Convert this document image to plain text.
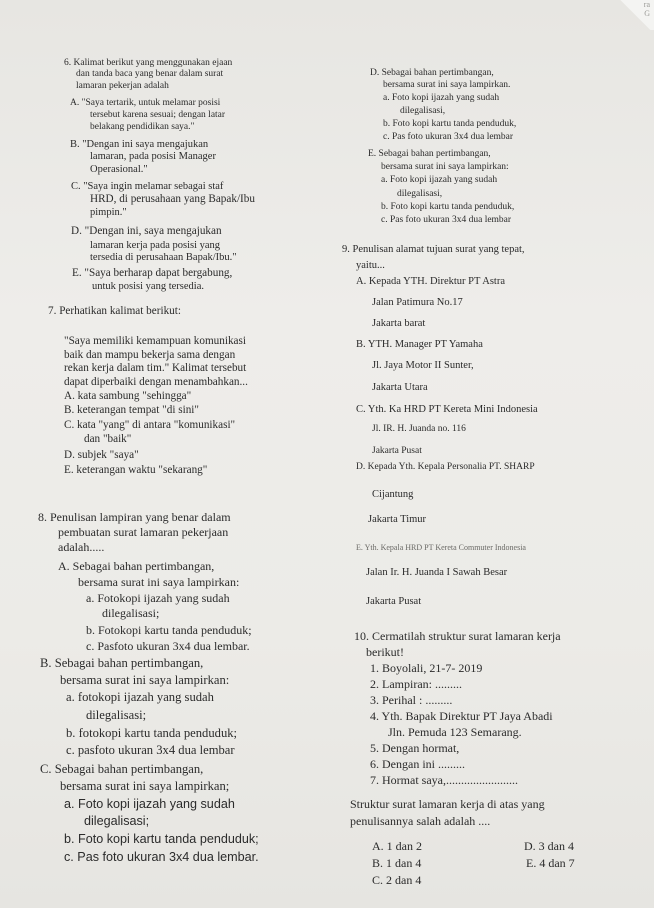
ra
G
6. Kalimat berikut yang menggunakan ejaan
dan tanda baca yang benar dalam surat
lamaran pekerjan adalah
A. "Saya tertarik, untuk melamar posisi
tersebut karena sesuai; dengan latar
belakang pendidikan saya."
B. "Dengan ini saya mengajukan
lamaran, pada posisi Manager
Operasional."
C. "Saya ingin melamar sebagai staf
HRD, di perusahaan yang Bapak/Ibu
pimpin."
D. "Dengan ini, saya mengajukan
lamaran kerja pada posisi yang
tersedia di perusahaan Bapak/Ibu."
E. "Saya berharap dapat bergabung,
untuk posisi yang tersedia.
7. Perhatikan kalimat berikut:
"Saya memiliki kemampuan komunikasi
baik dan mampu bekerja sama dengan
rekan kerja dalam tim." Kalimat tersebut
dapat diperbaiki dengan menambahkan...
A. kata sambung "sehingga"
B. keterangan tempat "di sini"
C. kata "yang" di antara "komunikasi"
dan "baik"
D. subjek "saya"
E. keterangan waktu "sekarang"
8. Penulisan lampiran yang benar dalam
pembuatan surat lamaran pekerjaan
adalah.....
A. Sebagai bahan pertimbangan,
bersama surat ini saya lampirkan:
a. Fotokopi ijazah yang sudah
dilegalisasi;
b. Fotokopi kartu tanda penduduk;
c. Pasfoto ukuran 3x4 dua lembar.
B. Sebagai bahan pertimbangan,
bersama surat ini saya lampirkan:
a. fotokopi ijazah yang sudah
dilegalisasi;
b. fotokopi kartu tanda penduduk;
c. pasfoto ukuran 3x4 dua lembar
C. Sebagai bahan pertimbangan,
bersama surat ini saya lampirkan;
a. Foto kopi ijazah yang sudah
dilegalisasi;
b. Foto kopi kartu tanda penduduk;
c. Pas foto ukuran 3x4 dua lembar.
D. Sebagai bahan pertimbangan,
bersama surat ini saya lampirkan.
a. Foto kopi ijazah yang sudah
dilegalisasi,
b. Foto kopi kartu tanda penduduk,
c. Pas foto ukuran 3x4 dua lembar
E. Sebagai bahan pertimbangan,
bersama surat ini saya lampirkan:
a. Foto kopi ijazah yang sudah
dilegalisasi,
b. Foto kopi kartu tanda penduduk,
c. Pas foto ukuran 3x4 dua lembar
9. Penulisan alamat tujuan surat yang tepat,
yaitu...
A. Kepada YTH. Direktur PT Astra
Jalan Patimura No.17
Jakarta barat
B. YTH. Manager PT Yamaha
Jl. Jaya Motor II Sunter,
Jakarta Utara
C. Yth. Ka HRD PT Kereta Mini Indonesia
Jl. IR. H. Juanda no. 116
Jakarta Pusat
D. Kepada Yth. Kepala Personalia PT. SHARP
Cijantung
Jakarta Timur
E. Yth. Kepala HRD PT Kereta Commuter Indonesia
Jalan Ir. H. Juanda I Sawah Besar
Jakarta Pusat
10. Cermatilah struktur surat lamaran kerja
berikut!
1. Boyolali, 21-7- 2019
2. Lampiran: .........
3. Perihal : .........
4. Yth. Bapak Direktur PT Jaya Abadi
Jln. Pemuda 123 Semarang.
5. Dengan hormat,
6. Dengan ini .........
7. Hormat saya,........................
Struktur surat lamaran kerja di atas yang
penulisannya salah adalah ....
A. 1 dan 2
B. 1 dan 4
C. 2 dan 4
D. 3 dan 4
E. 4 dan 7
